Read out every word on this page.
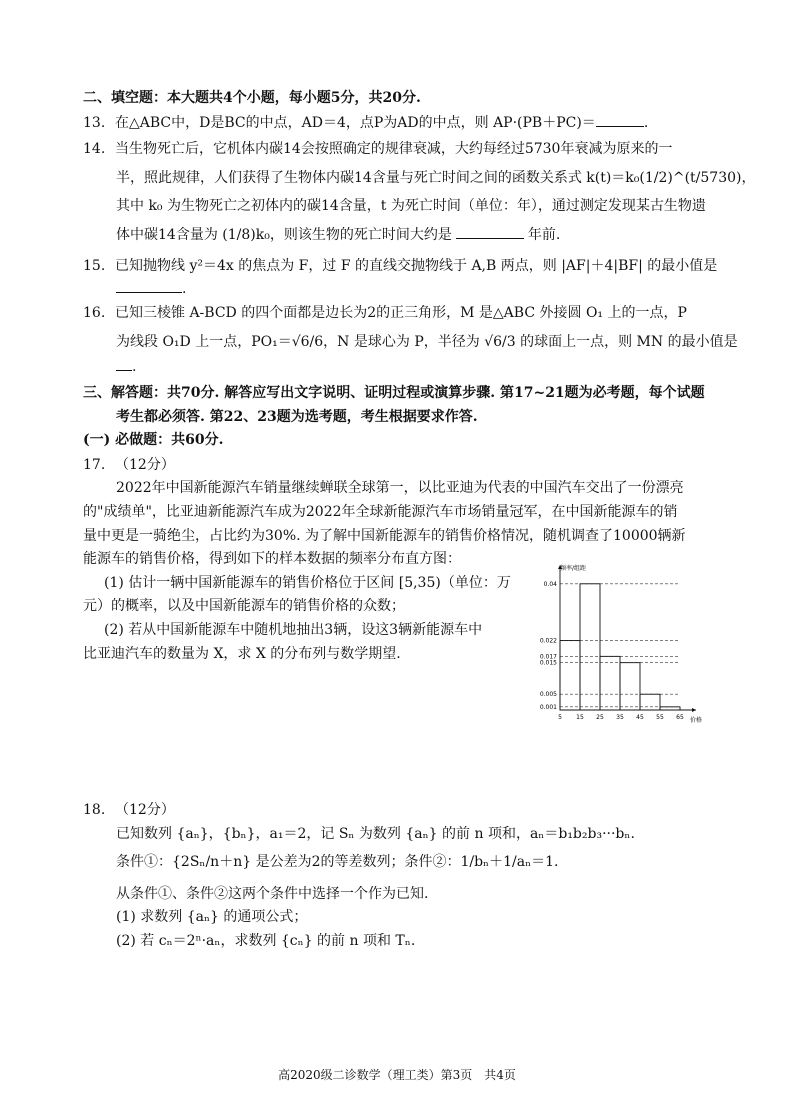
二、填空题：本大题共4个小题，每小题5分，共20分.
13. 在△ABC中，D是BC的中点，AD＝4，点P为AD的中点，则 AP·(PB＋PC)＝	.
14. 当生物死亡后，它机体内碳14会按照确定的规律衰减，大约每经过5730年衰减为原来的一
半，照此规律，人们获得了生物体内碳14含量与死亡时间之间的函数关系式 k(t)＝k₀(1/2)^(t/5730)，
其中 k₀ 为生物死亡之初体内的碳14含量，t 为死亡时间（单位：年），通过测定发现某古生物遗
体中碳14含量为 (1/8)k₀，则该生物的死亡时间大约是	年前.
15. 已知抛物线 y²＝4x 的焦点为 F，过 F 的直线交抛物线于 A,B 两点，则 |AF|＋4|BF| 的最小值是
.
16. 已知三棱锥 A‑BCD 的四个面都是边长为2的正三角形，M 是△ABC 外接圆 O₁ 上的一点，P
为线段 O₁D 上一点，PO₁＝√6/6，N 是球心为 P，半径为 √6/3 的球面上一点，则 MN 的最小值是
.
三、解答题：共70分. 解答应写出文字说明、证明过程或演算步骤. 第17~21题为必考题，每个试题
考生都必须答. 第22、23题为选考题，考生根据要求作答.
(一) 必做题：共60分.
17. （12分）
2022年中国新能源汽车销量继续蝉联全球第一，以比亚迪为代表的中国汽车交出了一份漂亮
的"成绩单"，比亚迪新能源汽车成为2022年全球新能源汽车市场销量冠军，在中国新能源车的销
量中更是一骑绝尘，占比约为30%. 为了解中国新能源车的销售价格情况，随机调查了10000辆新
能源车的销售价格，得到如下的样本数据的频率分布直方图：
(1) 估计一辆中国新能源车的销售价格位于区间 [5,35)（单位：万
元）的概率，以及中国新能源车的销售价格的众数；
(2) 若从中国新能源车中随机地抽出3辆，设这3辆新能源车中
比亚迪汽车的数量为 X，求 X 的分布列与数学期望.
0.04
0.022
0.017
0.015
0.005
0.001
5 15 25 35 45 55 65
频率/组距
价格
18. （12分）
已知数列 {aₙ}，{bₙ}，a₁＝2，记 Sₙ 为数列 {aₙ} 的前 n 项和，aₙ＝b₁b₂b₃···bₙ.
条件①：{2Sₙ/n＋n} 是公差为2的等差数列；条件②：1/bₙ＋1/aₙ＝1.
从条件①、条件②这两个条件中选择一个作为已知.
(1) 求数列 {aₙ} 的通项公式；
(2) 若 cₙ＝2ⁿ·aₙ，求数列 {cₙ} 的前 n 项和 Tₙ.
高2020级二诊数学（理工类）第3页　共4页
